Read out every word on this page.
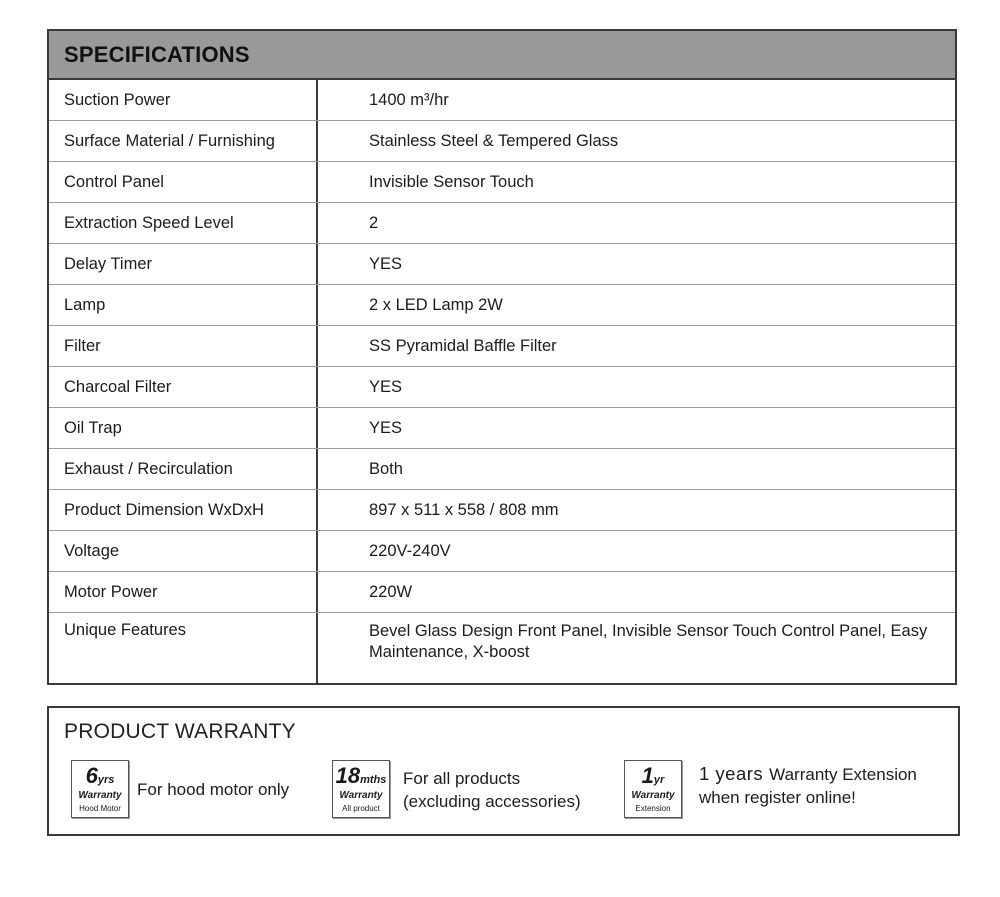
SPECIFICATIONS
Suction Power	1400 m³/hr
Surface Material / Furnishing	Stainless Steel & Tempered Glass
Control Panel	Invisible Sensor Touch
Extraction Speed Level	2
Delay Timer	YES
Lamp	2 x LED Lamp 2W
Filter	SS Pyramidal Baffle Filter
Charcoal Filter	YES
Oil Trap	YES
Exhaust / Recirculation	Both
Product Dimension WxDxH	897 x 511 x 558 / 808 mm
Voltage	220V-240V
Motor Power	220W
Unique Features	Bevel Glass Design Front Panel, Invisible Sensor Touch Control Panel, Easy Maintenance, X-boost
PRODUCT WARRANTY
6yrs
Warranty
Hood Motor
For hood motor only
18mths
Warranty
All product
For all products
(excluding accessories)
1yr
Warranty
Extension
1 years Warranty Extension
when register online!
